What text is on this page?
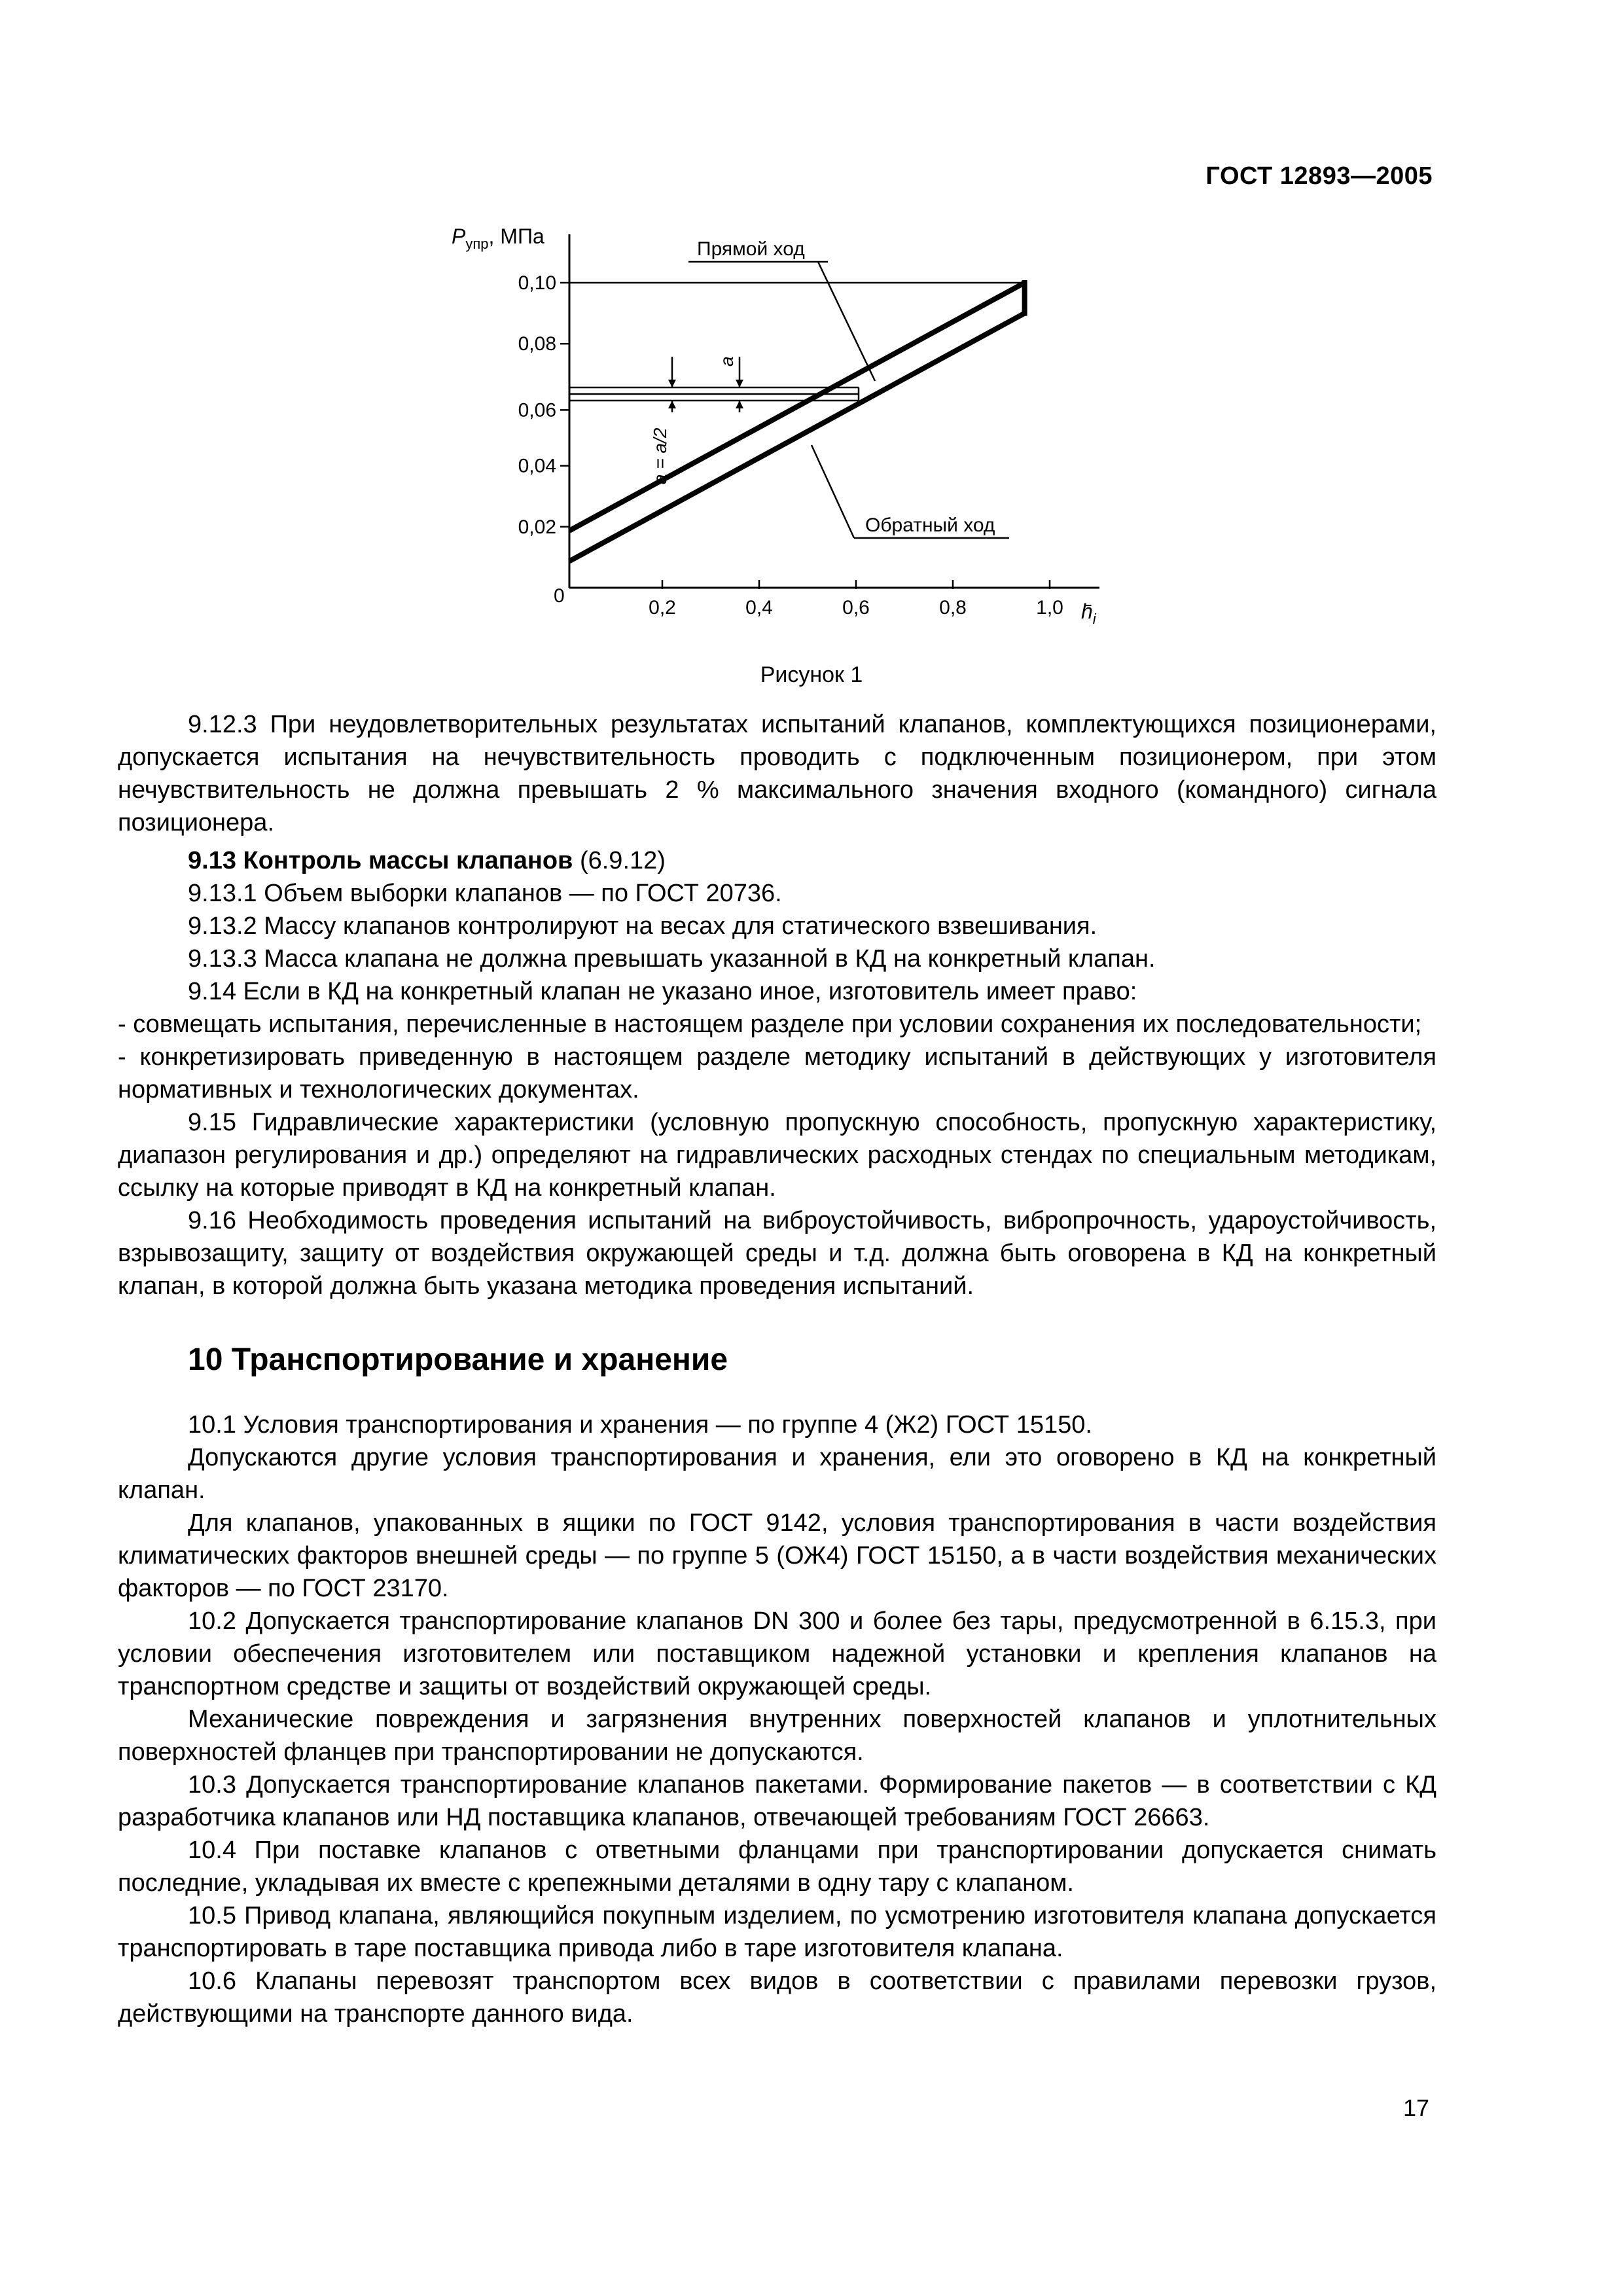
ГОСТ 12893—2005
$P_{упр}$, МПа
0
0,10
0,08
0,06
0,04
0,02
0,2	0,4	0,6	0,8	1,0 $h̄_i$
Прямой ход
Обратный ход
a
a = a/2
Рисунок 1

9.12.3 При неудовлетворительных результатах испытаний клапанов, комплектующихся позиционерами, допускается испытания на нечувствительность проводить с подключенным позиционером, при этом нечувствительность не должна превышать 2 % максимального значения входного (командного) сигнала позиционера.

9.13 Контроль массы клапанов (6.9.12)

9.13.1 Объем выборки клапанов — по ГОСТ 20736.

9.13.2 Массу клапанов контролируют на весах для статического взвешивания.

9.13.3 Масса клапана не должна превышать указанной в КД на конкретный клапан.

9.14 Если в КД на конкретный клапан не указано иное, изготовитель имеет право:

- совмещать испытания, перечисленные в настоящем разделе при условии сохранения их последовательности;

- конкретизировать приведенную в настоящем разделе методику испытаний в действующих у изготовителя нормативных и технологических документах.

9.15 Гидравлические характеристики (условную пропускную способность, пропускную характеристику, диапазон регулирования и др.) определяют на гидравлических расходных стендах по специальным методикам, ссылку на которые приводят в КД на конкретный клапан.

9.16 Необходимость проведения испытаний на виброустойчивость, вибропрочность, удароустойчивость, взрывозащиту, защиту от воздействия окружающей среды и т.д. должна быть оговорена в КД на конкретный клапан, в которой должна быть указана методика проведения испытаний.

10 Транспортирование и хранение

10.1 Условия транспортирования и хранения — по группе 4 (Ж2) ГОСТ 15150.

Допускаются другие условия транспортирования и хранения, ели это оговорено в КД на конкретный клапан.

Для клапанов, упакованных в ящики по ГОСТ 9142, условия транспортирования в части воздействия климатических факторов внешней среды — по группе 5 (ОЖ4) ГОСТ 15150, а в части воздействия механических факторов — по ГОСТ 23170.

10.2 Допускается транспортирование клапанов DN 300 и более без тары, предусмотренной в 6.15.3, при условии обеспечения изготовителем или поставщиком надежной установки и крепления клапанов на транспортном средстве и защиты от воздействий окружающей среды.

Механические повреждения и загрязнения внутренних поверхностей клапанов и уплотнительных поверхностей фланцев при транспортировании не допускаются.

10.3 Допускается транспортирование клапанов пакетами. Формирование пакетов — в соответствии с КД разработчика клапанов или НД поставщика клапанов, отвечающей требованиям ГОСТ 26663.

10.4 При поставке клапанов с ответными фланцами при транспортировании допускается снимать последние, укладывая их вместе с крепежными деталями в одну тару с клапаном.

10.5 Привод клапана, являющийся покупным изделием, по усмотрению изготовителя клапана допускается транспортировать в таре поставщика привода либо в таре изготовителя клапана.

10.6 Клапаны перевозят транспортом всех видов в соответствии с правилами перевозки грузов, действующими на транспорте данного вида.

17
